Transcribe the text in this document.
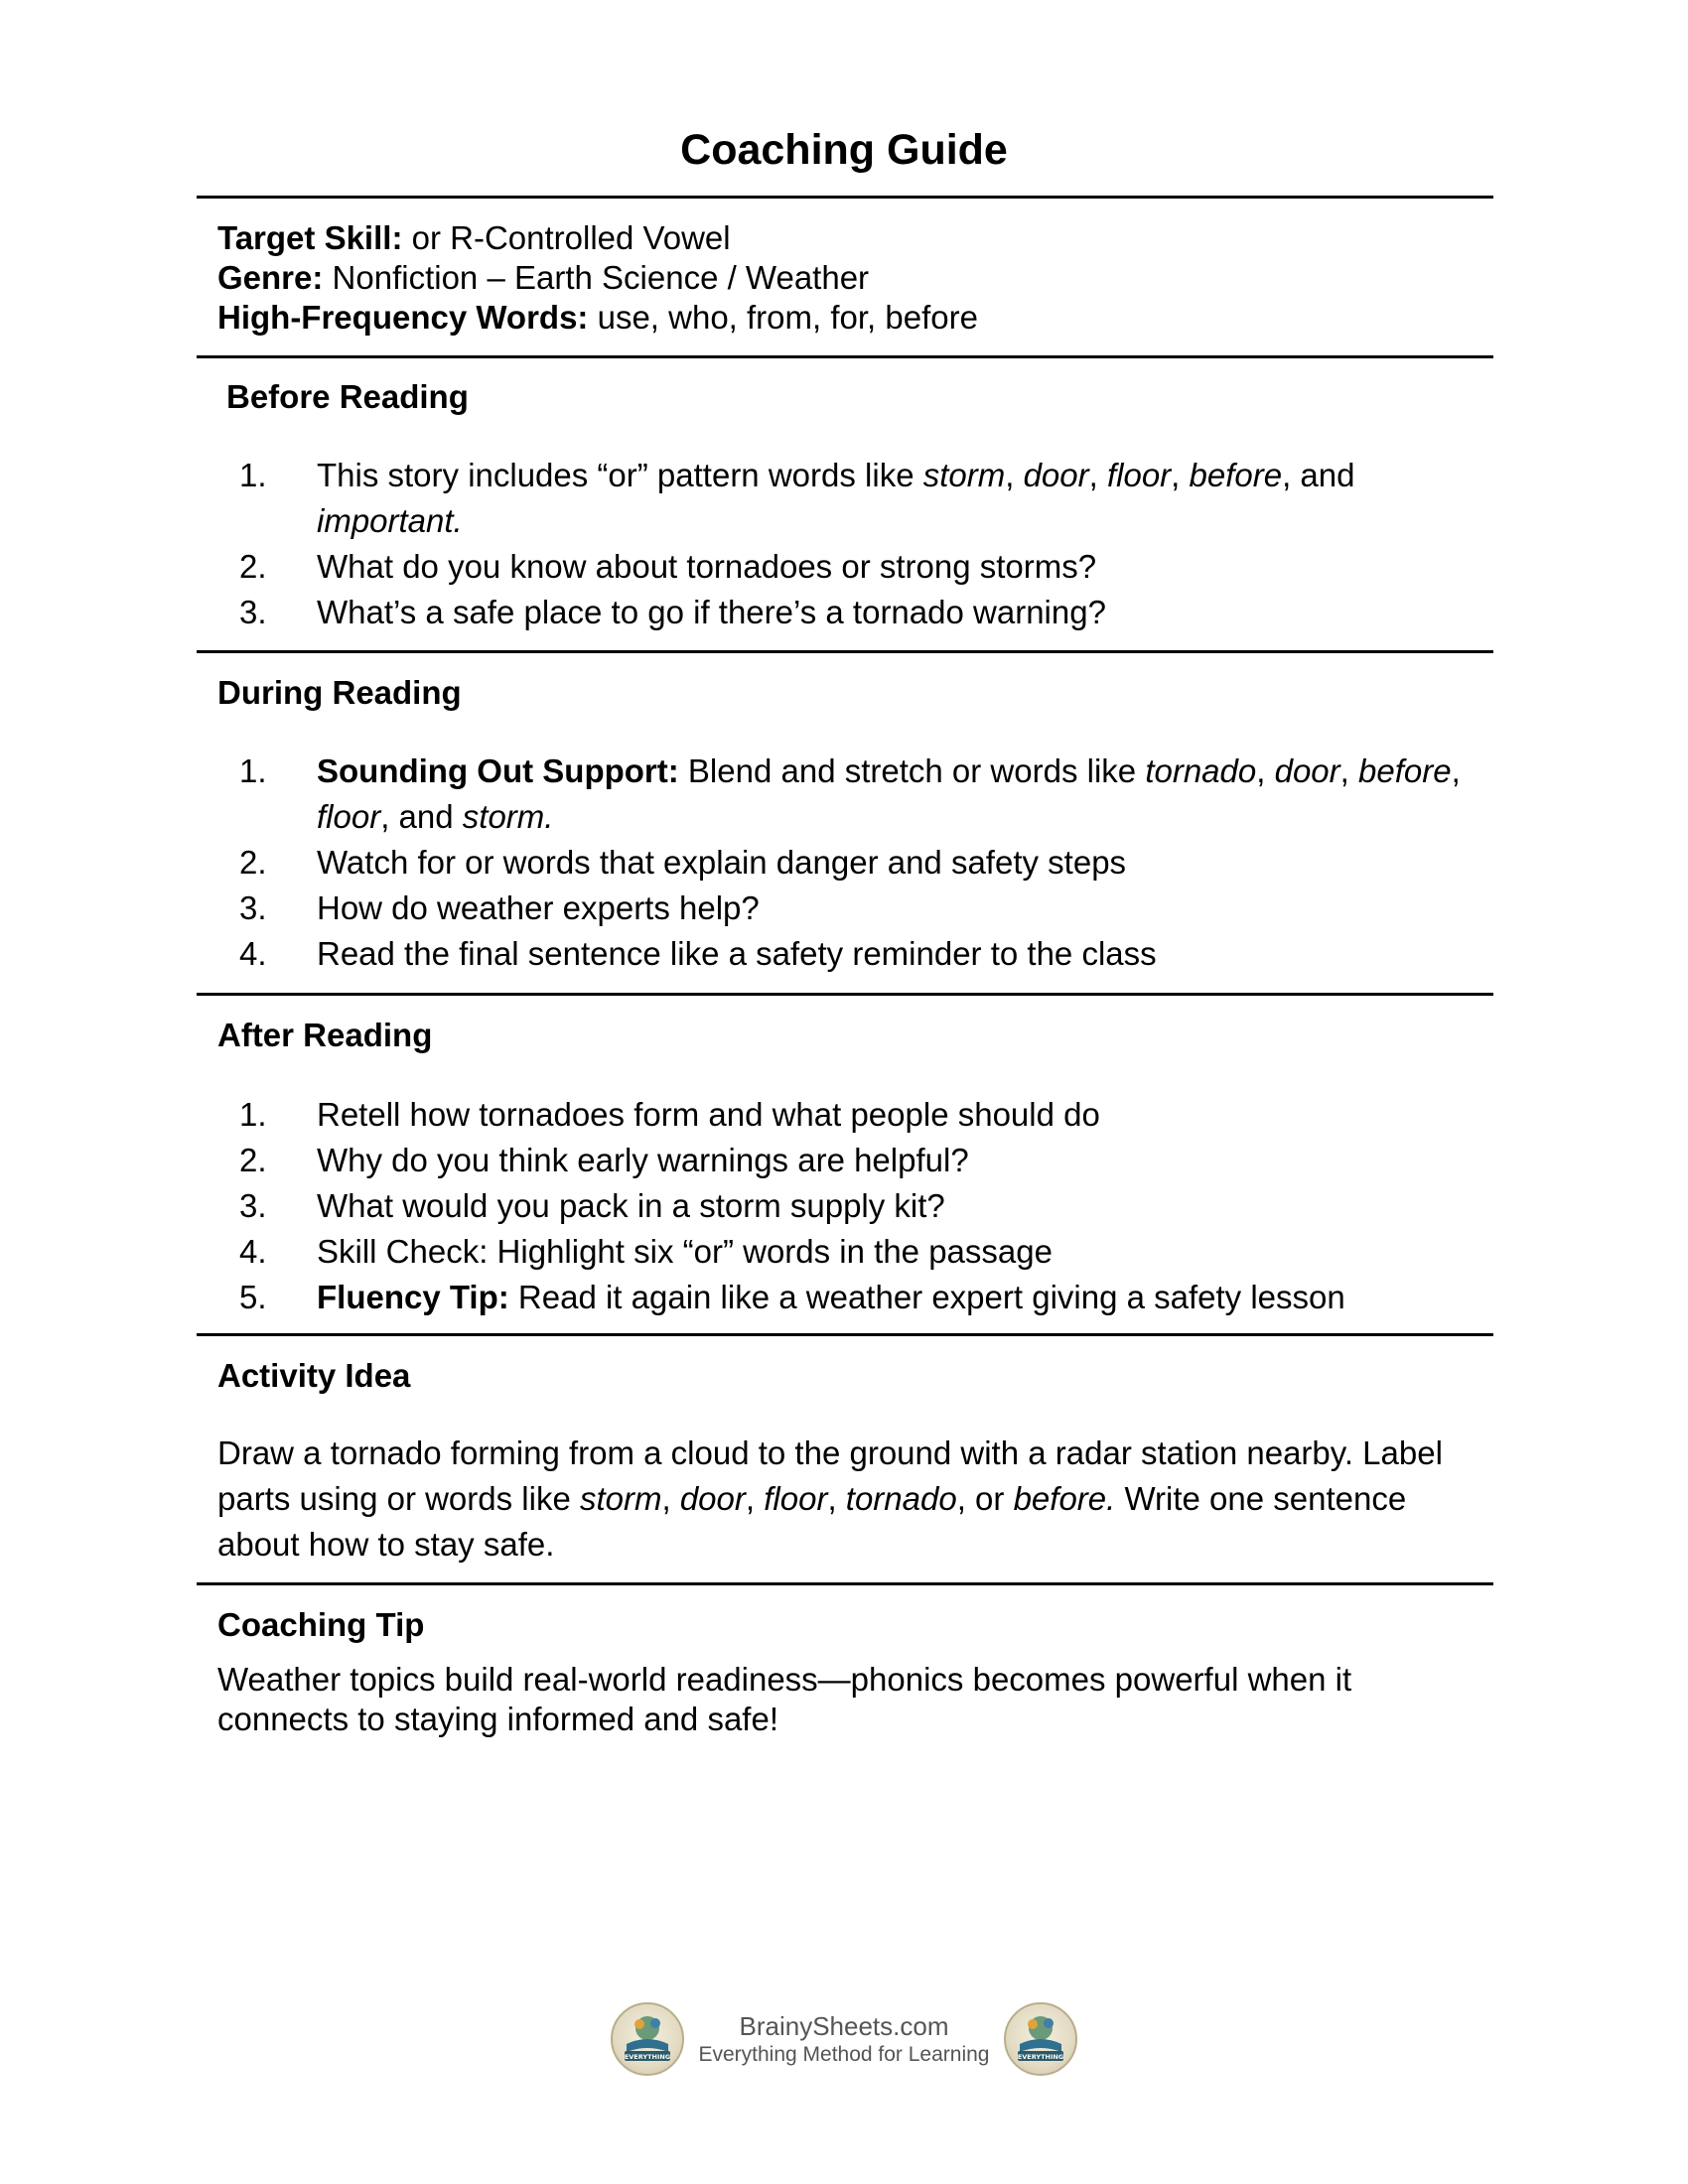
Coaching Guide
Target Skill: or R-Controlled Vowel
Genre: Nonfiction – Earth Science / Weather
High-Frequency Words: use, who, from, for, before
Before Reading
1. This story includes “or” pattern words like storm, door, floor, before, and important.
2. What do you know about tornadoes or strong storms?
3. What’s a safe place to go if there’s a tornado warning?
During Reading
1. Sounding Out Support: Blend and stretch or words like tornado, door, before, floor, and storm.
2. Watch for or words that explain danger and safety steps
3. How do weather experts help?
4. Read the final sentence like a safety reminder to the class
After Reading
1. Retell how tornadoes form and what people should do
2. Why do you think early warnings are helpful?
3. What would you pack in a storm supply kit?
4. Skill Check: Highlight six “or” words in the passage
5. Fluency Tip: Read it again like a weather expert giving a safety lesson
Activity Idea
Draw a tornado forming from a cloud to the ground with a radar station nearby. Label parts using or words like storm, door, floor, tornado, or before. Write one sentence about how to stay safe.
Coaching Tip
Weather topics build real-world readiness—phonics becomes powerful when it connects to staying informed and safe!
EVERYTHING
BrainySheets.com
Everything Method for Learning	EVERYTHING
